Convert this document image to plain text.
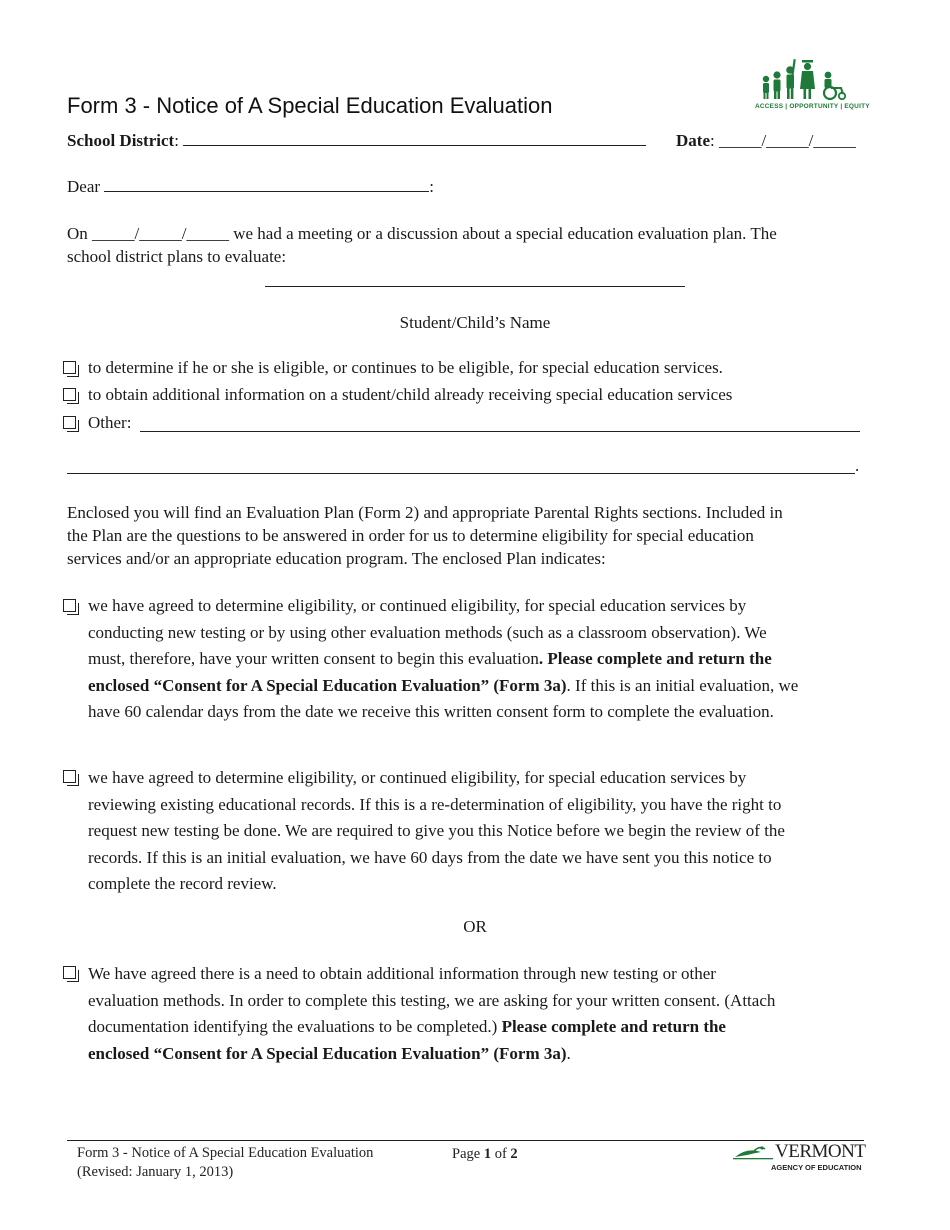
Form 3 - Notice of A Special Education Evaluation	ACCESS | OPPORTUNITY | EQUITY
School District:	Date: _____/_____/_____
Dear	:
On _____/_____/_____ we had a meeting or a discussion about a special education evaluation plan. The
school district plans to evaluate:
Student/Child’s Name
to determine if he or she is eligible, or continues to be eligible, for special education services.
to obtain additional information on a student/child already receiving special education services
Other:
.
Enclosed you will find an Evaluation Plan (Form 2) and appropriate Parental Rights sections. Included in
the Plan are the questions to be answered in order for us to determine eligibility for special education
services and/or an appropriate education program. The enclosed Plan indicates:
we have agreed to determine eligibility, or continued eligibility, for special education services by
conducting new testing or by using other evaluation methods (such as a classroom observation). We
must, therefore, have your written consent to begin this evaluation. Please complete and return the
enclosed “Consent for A Special Education Evaluation” (Form 3a). If this is an initial evaluation, we
have 60 calendar days from the date we receive this written consent form to complete the evaluation.
we have agreed to determine eligibility, or continued eligibility, for special education services by
reviewing existing educational records. If this is a re-determination of eligibility, you have the right to
request new testing be done. We are required to give you this Notice before we begin the review of the
records. If this is an initial evaluation, we have 60 days from the date we have sent you this notice to
complete the record review.
OR
We have agreed there is a need to obtain additional information through new testing or other
evaluation methods. In order to complete this testing, we are asking for your written consent. (Attach
documentation identifying the evaluations to be completed.) Please complete and return the
enclosed “Consent for A Special Education Evaluation” (Form 3a).
Form 3 - Notice of A Special Education Evaluation
(Revised: January 1, 2013)
Page 1 of 2	VERMONT
AGENCY OF EDUCATION
